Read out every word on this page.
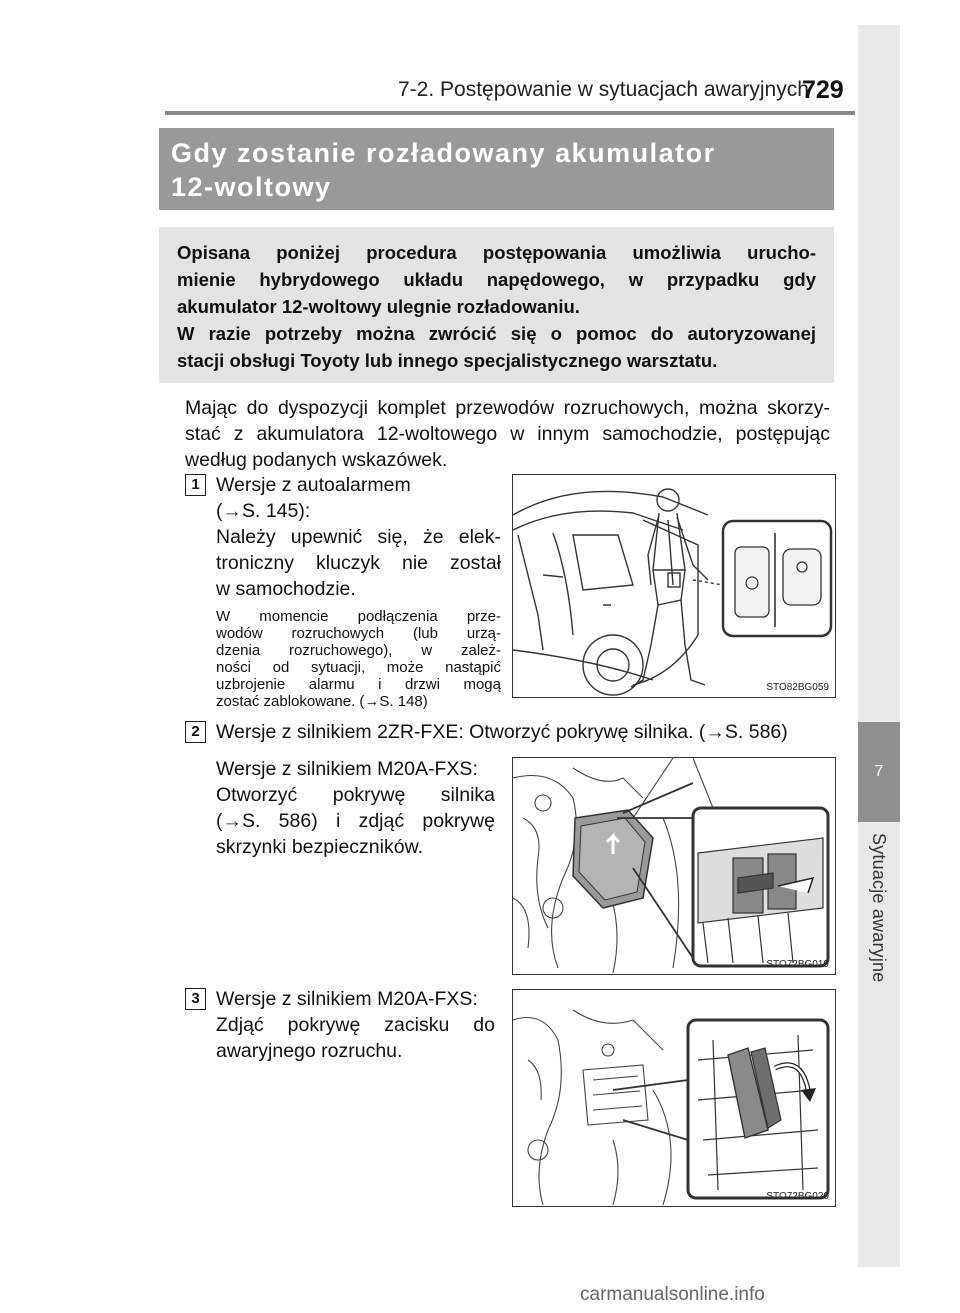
7-2. Postępowanie w sytuacjach awaryjnych
729
7
Sytuacje awaryjne
Gdy zostanie rozładowany akumulator
12-woltowy
Opisana poniżej procedura postępowania umożliwia urucho-
mienie hybrydowego układu napędowego, w przypadku gdy
akumulator 12-woltowy ulegnie rozładowaniu.
W razie potrzeby można zwrócić się o pomoc do autoryzowanej
stacji obsługi Toyoty lub innego specjalistycznego warsztatu.
Mając do dyspozycji komplet przewodów rozruchowych, można skorzy-
stać z akumulatora 12-woltowego w innym samochodzie, postępując
według podanych wskazówek.
1 Wersje z autoalarmem
(→S. 145):
Należy upewnić się, że elek-
troniczny kluczyk nie został
w samochodzie.
W momencie podłączenia prze-
wodów rozruchowych (lub urzą-
dzenia rozruchowego), w zależ-
ności od sytuacji, może nastąpić
uzbrojenie alarmu i drzwi mogą
zostać zablokowane. (→S. 148)
STO82BG059
2 Wersje z silnikiem 2ZR-FXE: Otworzyć pokrywę silnika. (→S. 586)
Wersje z silnikiem M20A-FXS:
Otworzyć pokrywę silnika
(→S. 586) i zdjąć pokrywę
skrzynki bezpieczników.
STO72BG019
3 Wersje z silnikiem M20A-FXS:
Zdjąć pokrywę zacisku do
awaryjnego rozruchu.
STO72BG020
carmanualsonline.info
